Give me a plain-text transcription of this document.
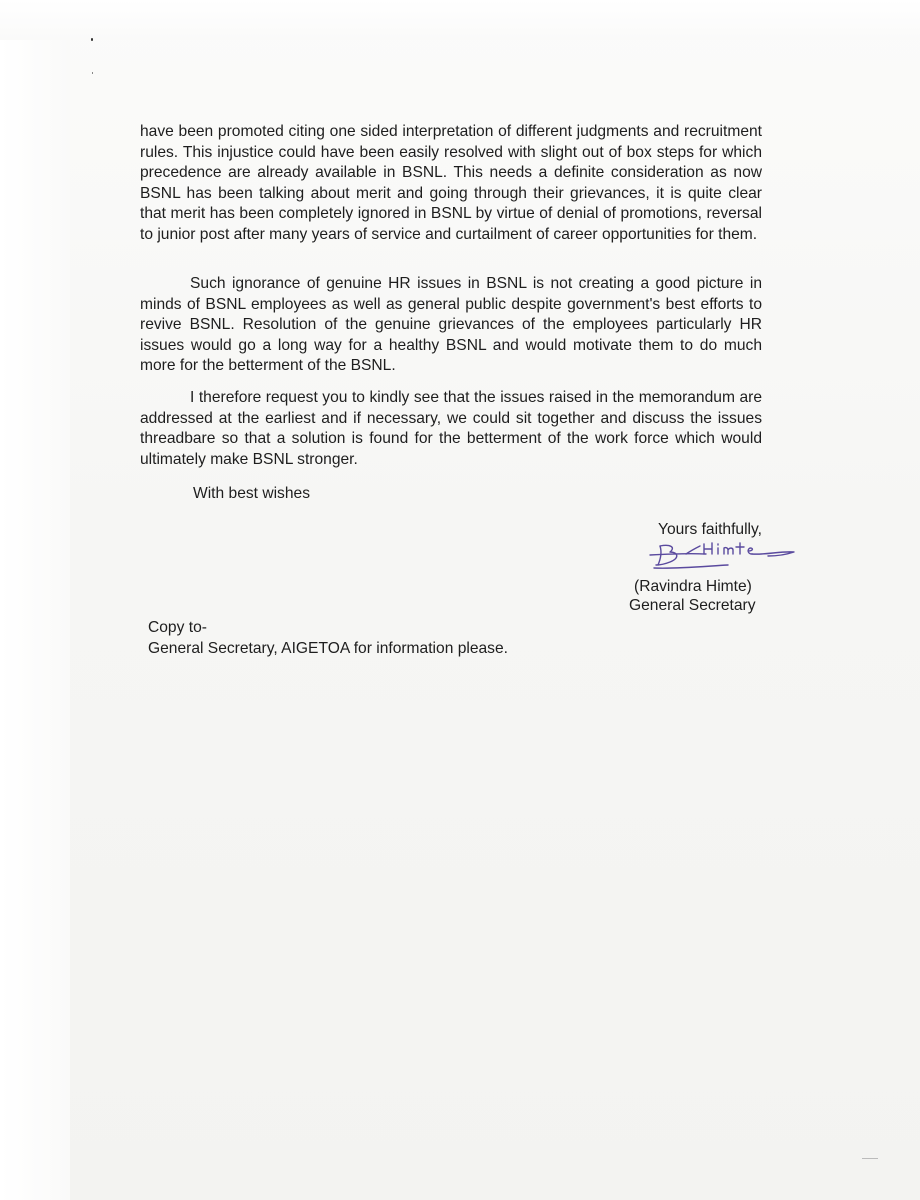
have been promoted citing one sided interpretation of different judgments and recruitment rules. This injustice could have been easily resolved with slight out of box steps for which precedence are already available in BSNL. This needs a definite consideration as now BSNL has been talking about merit and going through their grievances, it is quite clear that merit has been completely ignored in BSNL by virtue of denial of promotions, reversal to junior post after many years of service and curtailment of career opportunities for them.

Such ignorance of genuine HR issues in BSNL is not creating a good picture in minds of BSNL employees as well as general public despite government's best efforts to revive BSNL. Resolution of the genuine grievances of the employees particularly HR issues would go a long way for a healthy BSNL and would motivate them to do much more for the betterment of the BSNL.

I therefore request you to kindly see that the issues raised in the memorandum are addressed at the earliest and if necessary, we could sit together and discuss the issues threadbare so that a solution is found for the betterment of the work force which would ultimately make BSNL stronger.

With best wishes

Yours faithfully,
(Ravindra Himte)
General Secretary
Copy to-
General Secretary, AIGETOA for information please.
